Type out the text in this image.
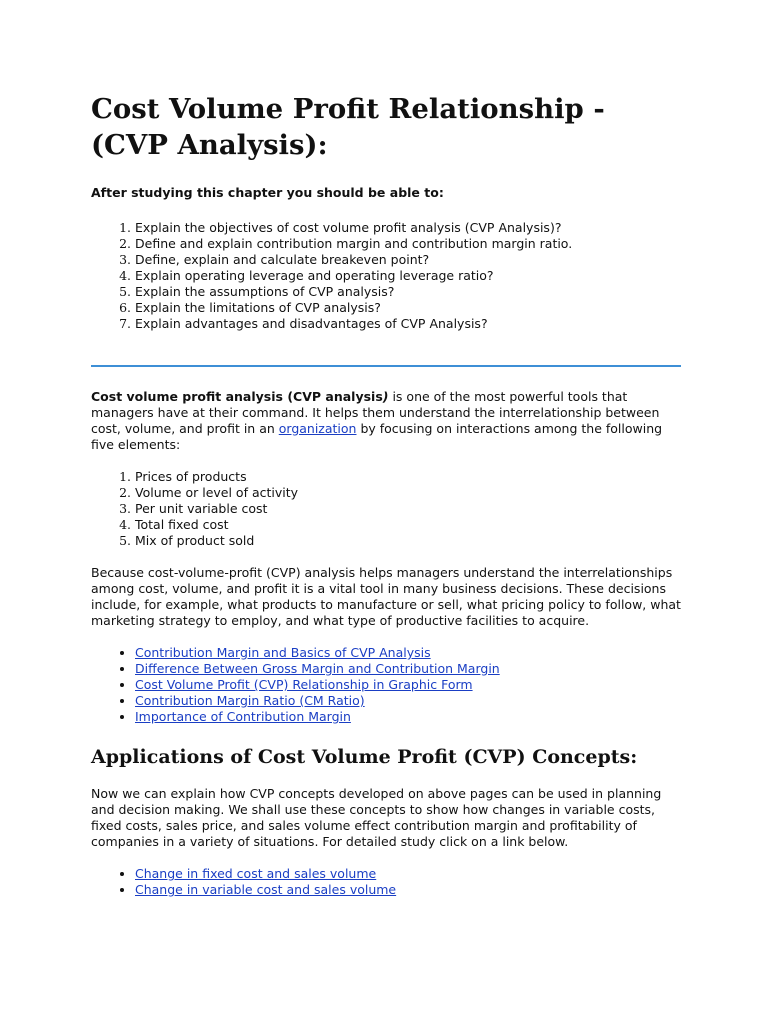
Cost Volume Profit Relationship - (CVP Analysis):

After studying this chapter you should be able to:

1. Explain the objectives of cost volume profit analysis (CVP Analysis)?
2. Define and explain contribution margin and contribution margin ratio.
3. Define, explain and calculate breakeven point?
4. Explain operating leverage and operating leverage ratio?
5. Explain the assumptions of CVP analysis?
6. Explain the limitations of CVP analysis?
7. Explain advantages and disadvantages of CVP Analysis?

Cost volume profit analysis (CVP analysis) is one of the most powerful tools that managers have at their command. It helps them understand the interrelationship between cost, volume, and profit in an organization by focusing on interactions among the following five elements:

1. Prices of products
2. Volume or level of activity
3. Per unit variable cost
4. Total fixed cost
5. Mix of product sold

Because cost-volume-profit (CVP) analysis helps managers understand the interrelationships among cost, volume, and profit it is a vital tool in many business decisions. These decisions include, for example, what products to manufacture or sell, what pricing policy to follow, what marketing strategy to employ, and what type of productive facilities to acquire.

• Contribution Margin and Basics of CVP Analysis
• Difference Between Gross Margin and Contribution Margin
• Cost Volume Profit (CVP) Relationship in Graphic Form
• Contribution Margin Ratio (CM Ratio)
• Importance of Contribution Margin
Applications of Cost Volume Profit (CVP) Concepts:

Now we can explain how CVP concepts developed on above pages can be used in planning and decision making. We shall use these concepts to show how changes in variable costs, fixed costs, sales price, and sales volume effect contribution margin and profitability of companies in a variety of situations. For detailed study click on a link below.

• Change in fixed cost and sales volume
• Change in variable cost and sales volume
